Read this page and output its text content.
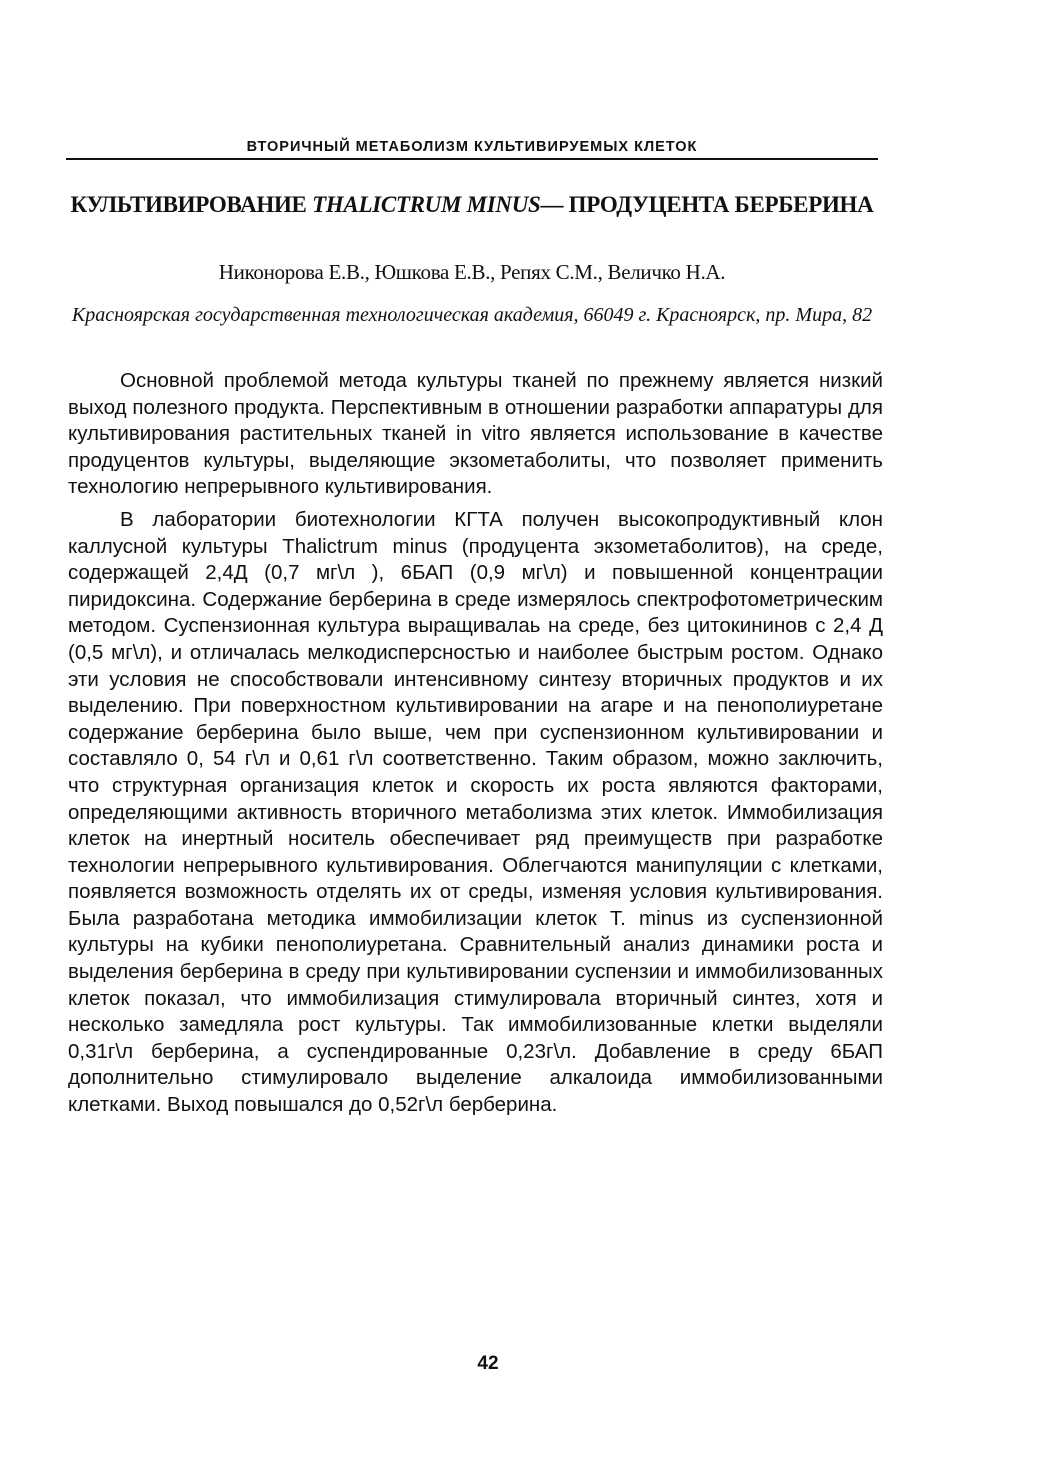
ВТОРИЧНЫЙ МЕТАБОЛИЗМ КУЛЬТИВИРУЕМЫХ КЛЕТОК
КУЛЬТИВИРОВАНИЕ THALICTRUM MINUS— ПРОДУЦЕНТА БЕРБЕРИНА
Никонорова Е.В., Юшкова Е.В., Репях С.М., Величко Н.А.
Красноярская государственная технологическая академия, 66049 г. Красноярск, пр. Мира, 82

Основной проблемой метода культуры тканей по прежнему является низкий выход полезного продукта. Перспективным в отношении разработки аппаратуры для культивирования растительных тканей in vitro является использование в качестве продуцентов культуры, выделяющие экзометаболиты, что позволяет применить технологию непрерывного культивирования.

В лаборатории биотехнологии КГТА получен высокопродуктивный клон каллусной культуры Thalictrum minus (продуцента экзометаболитов), на среде, содержащей 2,4Д (0,7 мг\л ), 6БАП (0,9 мг\л) и повышенной концентрации пиридоксина. Содержание берберина в среде измерялось спектрофотометрическим методом. Суспензионная культура выращивалаь на среде, без цитокининов с 2,4 Д (0,5 мг\л), и отличалась мелкодисперсностью и наиболее быстрым ростом. Однако эти условия не способствовали интенсивному синтезу вторичных продуктов и их выделению. При поверхностном культивировании на агаре и на пенополиуретане содержание берберина было выше, чем при суспензионном культивировании и составляло 0, 54 г\л и 0,61 г\л соответственно. Таким образом, можно заключить, что структурная организация клеток и скорость их роста являются факторами, определяющими активность вторичного метаболизма этих клеток. Иммобилизация клеток на инертный носитель обеспечивает ряд преимуществ при разработке технологии непрерывного культивирования. Облегчаются манипуляции с клетками, появляется возможность отделять их от среды, изменяя условия культивирования. Была разработана методика иммобилизации клеток T. minus из суспензионной культуры на кубики пенополиуретана. Сравнительный анализ динамики роста и выделения берберина в среду при культивировании суспензии и иммобилизованных клеток показал, что иммобилизация стимулировала вторичный синтез, хотя и несколько замедляла рост культуры. Так иммобилизованные клетки выделяли 0,31г\л берберина, а суспендированные 0,23г\л. Добавление в среду 6БАП дополнительно стимулировало выделение алкалоида иммобилизованными клетками. Выход повышался до 0,52г\л берберина.

42
